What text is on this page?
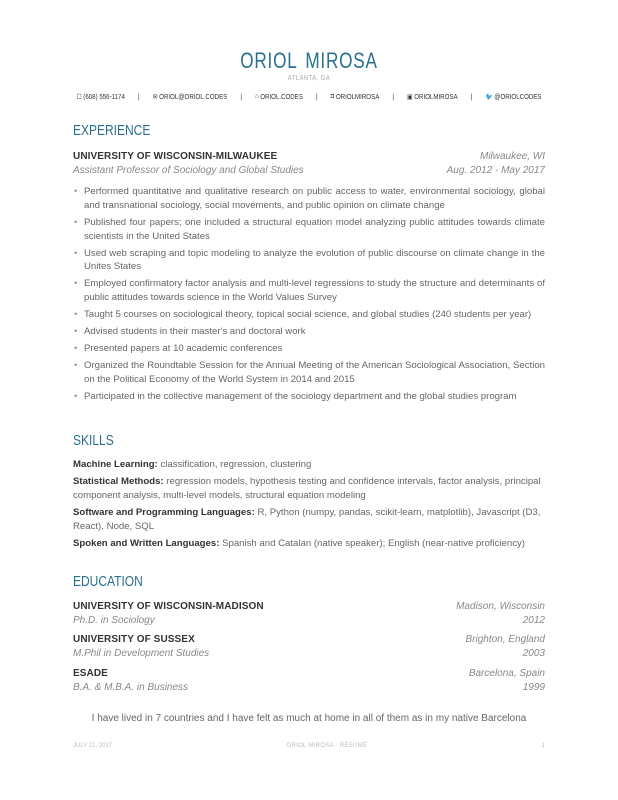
ORIOL MIROSA
ATLANTA, GA
☐ (608) 556-1174 | ✉ ORIOL@ORIOL.CODES | ⌂ ORIOL.CODES | ◘ ORIOLMIROSA | ▣ ORIOLMIROSA | 🐦 @ORIOLCODES
EXPERIENCE
UNIVERSITY OF WISCONSIN-MILWAUKEE	Milwaukee, WI
Assistant Professor of Sociology and Global Studies	Aug. 2012 - May 2017
• Performed quantitative and qualitative research on public access to water, environmental sociology, global and transnational sociology, social movements, and public opinion on climate change
• Published four papers; one included a structural equation model analyzing public attitudes towards climate scientists in the United States
• Used web scraping and topic modeling to analyze the evolution of public discourse on climate change in the Unites States
• Employed confirmatory factor analysis and multi-level regressions to study the structure and determinants of public attitudes towards science in the World Values Survey
• Taught 5 courses on sociological theory, topical social science, and global studies (240 students per year)
• Advised students in their master's and doctoral work
• Presented papers at 10 academic conferences
• Organized the Roundtable Session for the Annual Meeting of the American Sociological Association, Section on the Political Economy of the World System in 2014 and 2015
• Participated in the collective management of the sociology department and the global studies program
SKILLS
Machine Learning: classification, regression, clustering
Statistical Methods: regression models, hypothesis testing and confidence intervals, factor analysis, principal component analysis, multi-level models, structural equation modeling
Software and Programming Languages: R, Python (numpy, pandas, scikit-learn, matplotlib), Javascript (D3, React), Node, SQL
Spoken and Written Languages: Spanish and Catalan (native speaker); English (near-native proficiency)
EDUCATION
UNIVERSITY OF WISCONSIN-MADISON	Madison, Wisconsin
Ph.D. in Sociology	2012
UNIVERSITY OF SUSSEX	Brighton, England
M.Phil in Development Studies	2003
ESADE	Barcelona, Spain
B.A. & M.B.A. in Business	1999
I have lived in 7 countries and I have felt as much at home in all of them as in my native Barcelona
JULY 21, 2017	ORIOL MIROSA · RÉSUMÉ	1
